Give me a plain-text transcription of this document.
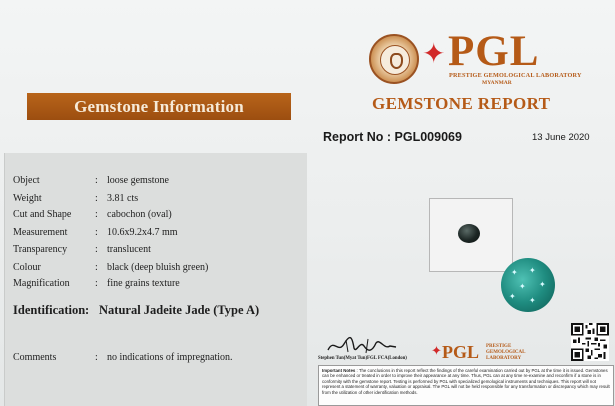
Gemstone Information
Object	: loose gemstone
Weight	: 3.81 cts
Cut and Shape	: cabochon (oval)
Measurement	: 10.6x9.2x4.7 mm
Transparency	: translucent
Colour	: black (deep bluish green)
Magnification	: fine grains texture
Identification : Natural Jadeite Jade (Type A)
Comments	: no indications of impregnation.
✦ PGL
PRESTIGE GEMOLOGICAL LABORATORY
MYANMAR
GEMSTONE REPORT
Report No : PGL009069	13 June 2020
✦ ✦
✦
✦
✦ ✦
Stephen Tun(Myat Tun)FGL FCA(London) ✦ PGL PRESTIGE
GEMOLOGICAL
LABORATORY
Important Notes : The conclusions in this report reflect the findings of the careful examination carried out by PGL at the time it is issued. Gemstones can be enhanced or treated in order to improve their appearance at any time. Thus, PGL can at any time re-examine and reconfirm if a stone is in conformity with the gemstone report. Testing is performed by PGL with specialized gemological instruments and techniques. This report will not represent a statement of warranty, valuation or appraisal. The PGL will not be held responsible for any transformation or discrepancy which may result from the utilization of other identification methods.
